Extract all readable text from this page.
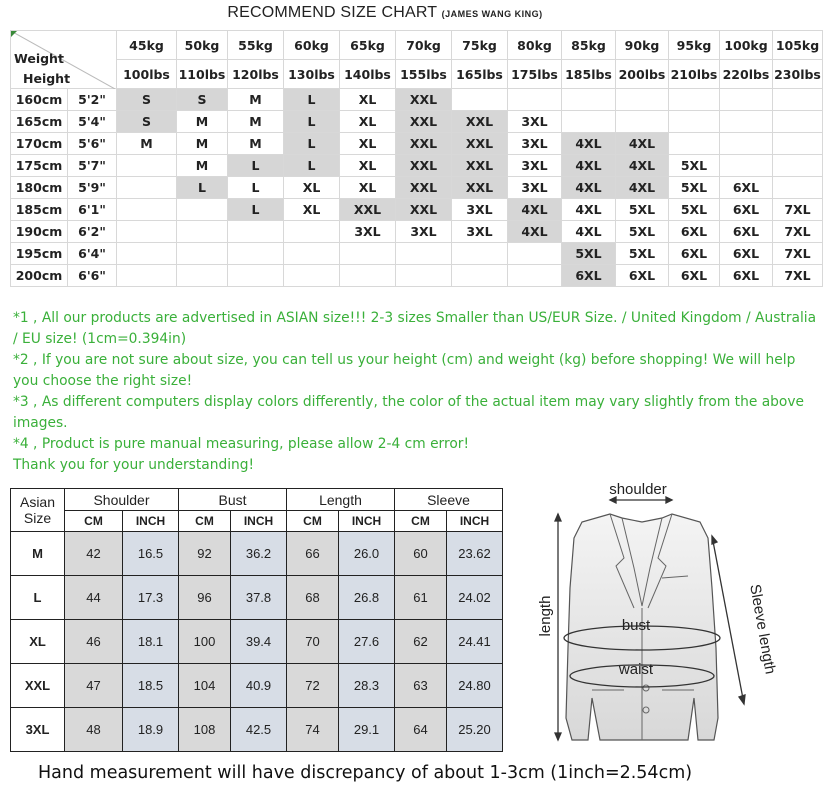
RECOMMEND SIZE CHART (JAMES WANG KING)
Weight
Height		45kg	50kg	55kg	60kg	65kg	70kg	75kg	80kg	85kg	90kg	95kg	100kg	105kg
		100lbs	110lbs	120lbs	130lbs	140lbs	155lbs	165lbs	175lbs	185lbs	200lbs	210lbs	220lbs	230lbs
160cm	5'2"	S	S	M	L	XL	XXL							
165cm	5'4"	S	M	M	L	XL	XXL	XXL	3XL					
170cm	5'6"	M	M	M	L	XL	XXL	XXL	3XL	4XL	4XL			
175cm	5'7"		M	L	L	XL	XXL	XXL	3XL	4XL	4XL	5XL		
180cm	5'9"		L	L	XL	XL	XXL	XXL	3XL	4XL	4XL	5XL	6XL	
185cm	6'1"			L	XL	XXL	XXL	3XL	4XL	4XL	5XL	5XL	6XL	7XL
190cm	6'2"					3XL	3XL	3XL	4XL	4XL	5XL	6XL	6XL	7XL
195cm	6'4"									5XL	5XL	6XL	6XL	7XL
200cm	6'6"									6XL	6XL	6XL	6XL	7XL

*1 , All our products are advertised in ASIAN size!!! 2-3 sizes Smaller than US/EUR Size. / United Kingdom / Australia / EU size! (1cm=0.394in)

*2 , If you are not sure about size, you can tell us your height (cm) and weight (kg) before shopping! We will help you choose the right size!

*3 , As different computers display colors differently, the color of the actual item may vary slightly from the above images.

*4 , Product is pure manual measuring, please allow 2-4 cm error!

Thank you for your understanding!

Asian
Size	Shoulder		Bust		Length		Sleeve	
	CM	INCH	CM	INCH	CM	INCH	CM	INCH
M	42	16.5	92	36.2	66	26.0	60	23.62
L	44	17.3	96	37.8	68	26.8	61	24.02
XL	46	18.1	100	39.4	70	27.6	62	24.41
XXL	47	18.5	104	40.9	72	28.3	63	24.80
3XL	48	18.9	108	42.5	74	29.1	64	25.20
shoulder
length	bust
waist	Sleeve length
Hand measurement will have discrepancy of about 1-3cm (1inch=2.54cm)
